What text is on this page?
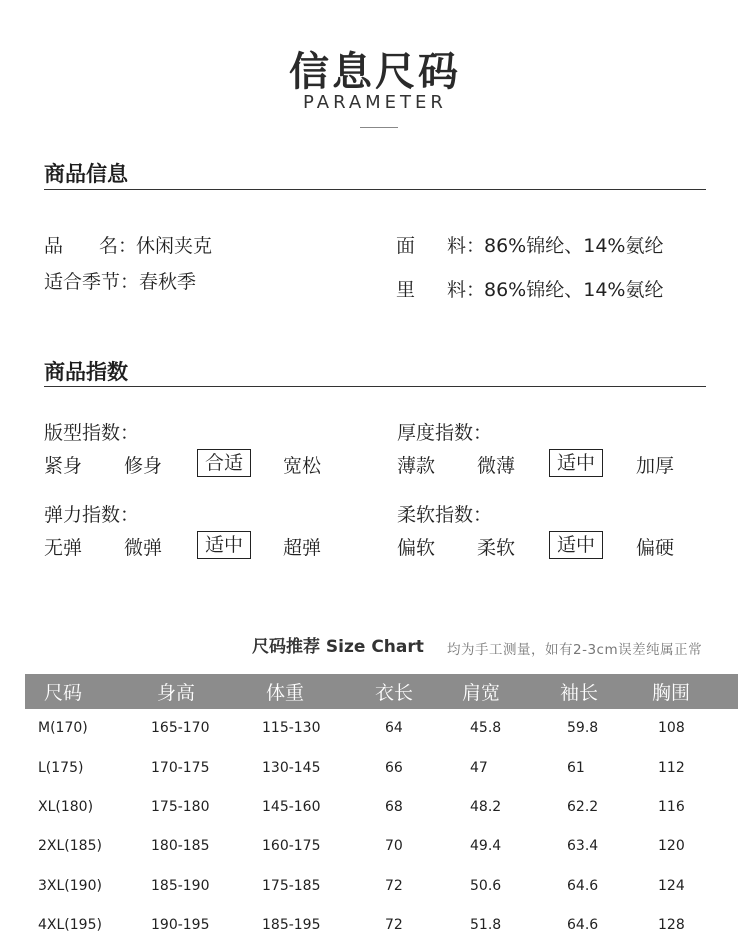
信息尺码
PARAMETER
商品信息
品 名：休闲夹克
适合季节：春秋季
面 料：86%锦纶、14%氨纶
里 料：86%锦纶、14%氨纶
商品指数
版型指数：
紧身 修身	合适	宽松
厚度指数：
薄款 微薄	适中	加厚
弹力指数：
无弹 微弹	适中	超弹
柔软指数：
偏软 柔软	适中	偏硬
尺码推荐 Size Chart 均为手工测量，如有2-3cm误差纯属正常
尺码	身高	体重	衣长	肩宽	袖长	胸围
M(170)	165-170	115-130	64	45.8	59.8	108
L(175)	170-175	130-145	66	47	61	112
XL(180)	175-180	145-160	68	48.2	62.2	116
2XL(185)	180-185	160-175	70	49.4	63.4	120
3XL(190)	185-190	175-185	72	50.6	64.6	124
4XL(195)	190-195	185-195	72	51.8	64.6	128
